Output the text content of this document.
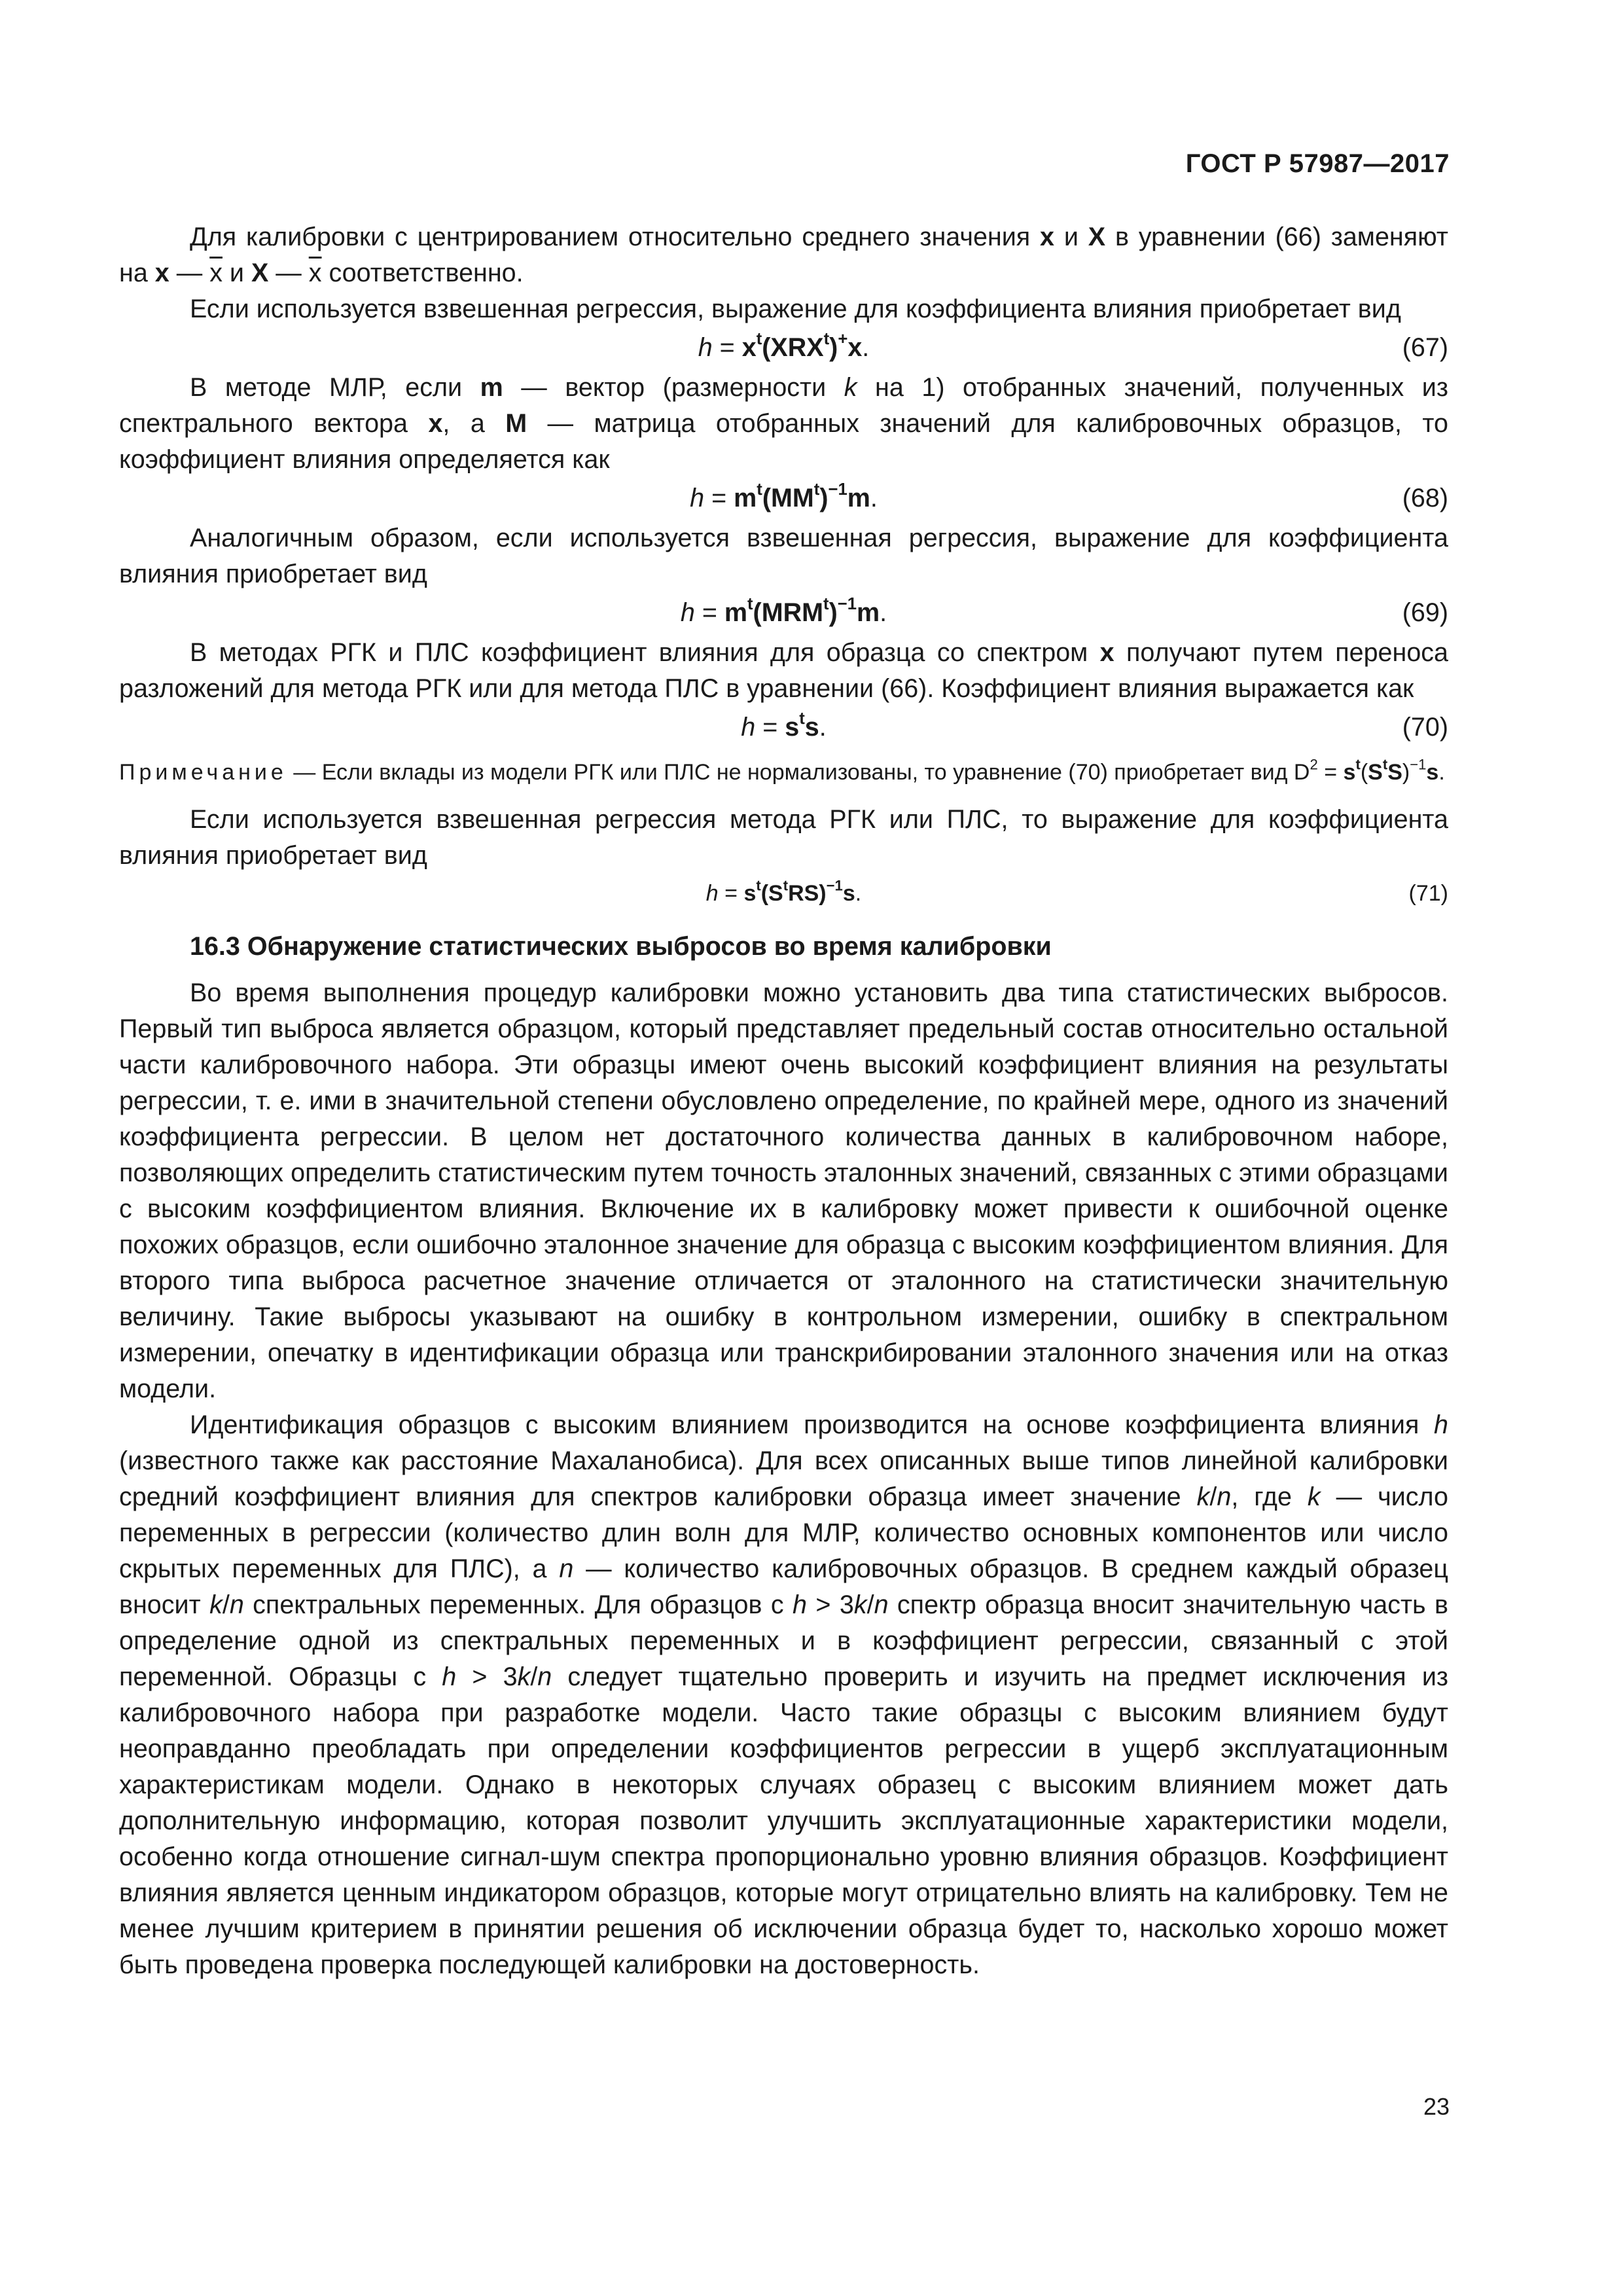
ГОСТ Р 57987—2017

Для калибровки с центрированием относительно среднего значения x и X в уравнении (66) заменяют на x — $\overline{x}$ и X — $\overline{x}$ соответственно.

Если используется взвешенная регрессия, выражение для коэффициента влияния приобретает вид

$h = x^t(XRX^t)^+x$.	(67)

В методе МЛР, если m — вектор (размерности k на 1) отобранных значений, полученных из спектрального вектора x, а M — матрица отобранных значений для калибровочных образцов, то коэффициент влияния определяется как

$h = m^t(MM^t)^{-1}m$.	(68)

Аналогичным образом, если используется взвешенная регрессия, выражение для коэффициента влияния приобретает вид

$h = m^t(MRM^t)^{-1}m$.	(69)

В методах РГК и ПЛС коэффициент влияния для образца со спектром x получают путем переноса разложений для метода РГК или для метода ПЛС в уравнении (66). Коэффициент влияния выражается как

$h = s^ts$.	(70)

Примечание — Если вклады из модели РГК или ПЛС не нормализованы, то уравнение (70) приобретает вид $D^2 = s^t(S^tS)^{-1}s$.

Если используется взвешенная регрессия метода РГК или ПЛС, то выражение для коэффициента влияния приобретает вид

$h = s^t(S^tRS)^{-1}s$.	(71)

16.3 Обнаружение статистических выбросов во время калибровки

Во время выполнения процедур калибровки можно установить два типа статистических выбросов. Первый тип выброса является образцом, который представляет предельный состав относительно остальной части калибровочного набора. Эти образцы имеют очень высокий коэффициент влияния на результаты регрессии, т. е. ими в значительной степени обусловлено определение, по крайней мере, одного из значений коэффициента регрессии. В целом нет достаточного количества данных в калибровочном наборе, позволяющих определить статистическим путем точность эталонных значений, связанных с этими образцами с высоким коэффициентом влияния. Включение их в калибровку может привести к ошибочной оценке похожих образцов, если ошибочно эталонное значение для образца с высоким коэффициентом влияния. Для второго типа выброса расчетное значение отличается от эталонного на статистически значительную величину. Такие выбросы указывают на ошибку в контрольном измерении, ошибку в спектральном измерении, опечатку в идентификации образца или транскрибировании эталонного значения или на отказ модели.

Идентификация образцов с высоким влиянием производится на основе коэффициента влияния h (известного также как расстояние Махаланобиса). Для всех описанных выше типов линейной калибровки средний коэффициент влияния для спектров калибровки образца имеет значение k/n, где k — число переменных в регрессии (количество длин волн для МЛР, количество основных компонентов или число скрытых переменных для ПЛС), а n — количество калибровочных образцов. В среднем каждый образец вносит k/n спектральных переменных. Для образцов с h > 3k/n спектр образца вносит значительную часть в определение одной из спектральных переменных и в коэффициент регрессии, связанный с этой переменной. Образцы с h > 3k/n следует тщательно проверить и изучить на предмет исключения из калибровочного набора при разработке модели. Часто такие образцы с высоким влиянием будут неоправданно преобладать при определении коэффициентов регрессии в ущерб эксплуатационным характеристикам модели. Однако в некоторых случаях образец с высоким влиянием может дать дополнительную информацию, которая позволит улучшить эксплуатационные характеристики модели, особенно когда отношение сигнал-шум спектра пропорционально уровню влияния образцов. Коэффициент влияния является ценным индикатором образцов, которые могут отрицательно влиять на калибровку. Тем не менее лучшим критерием в принятии решения об исключении образца будет то, насколько хорошо может быть проведена проверка последующей калибровки на достоверность.

23
